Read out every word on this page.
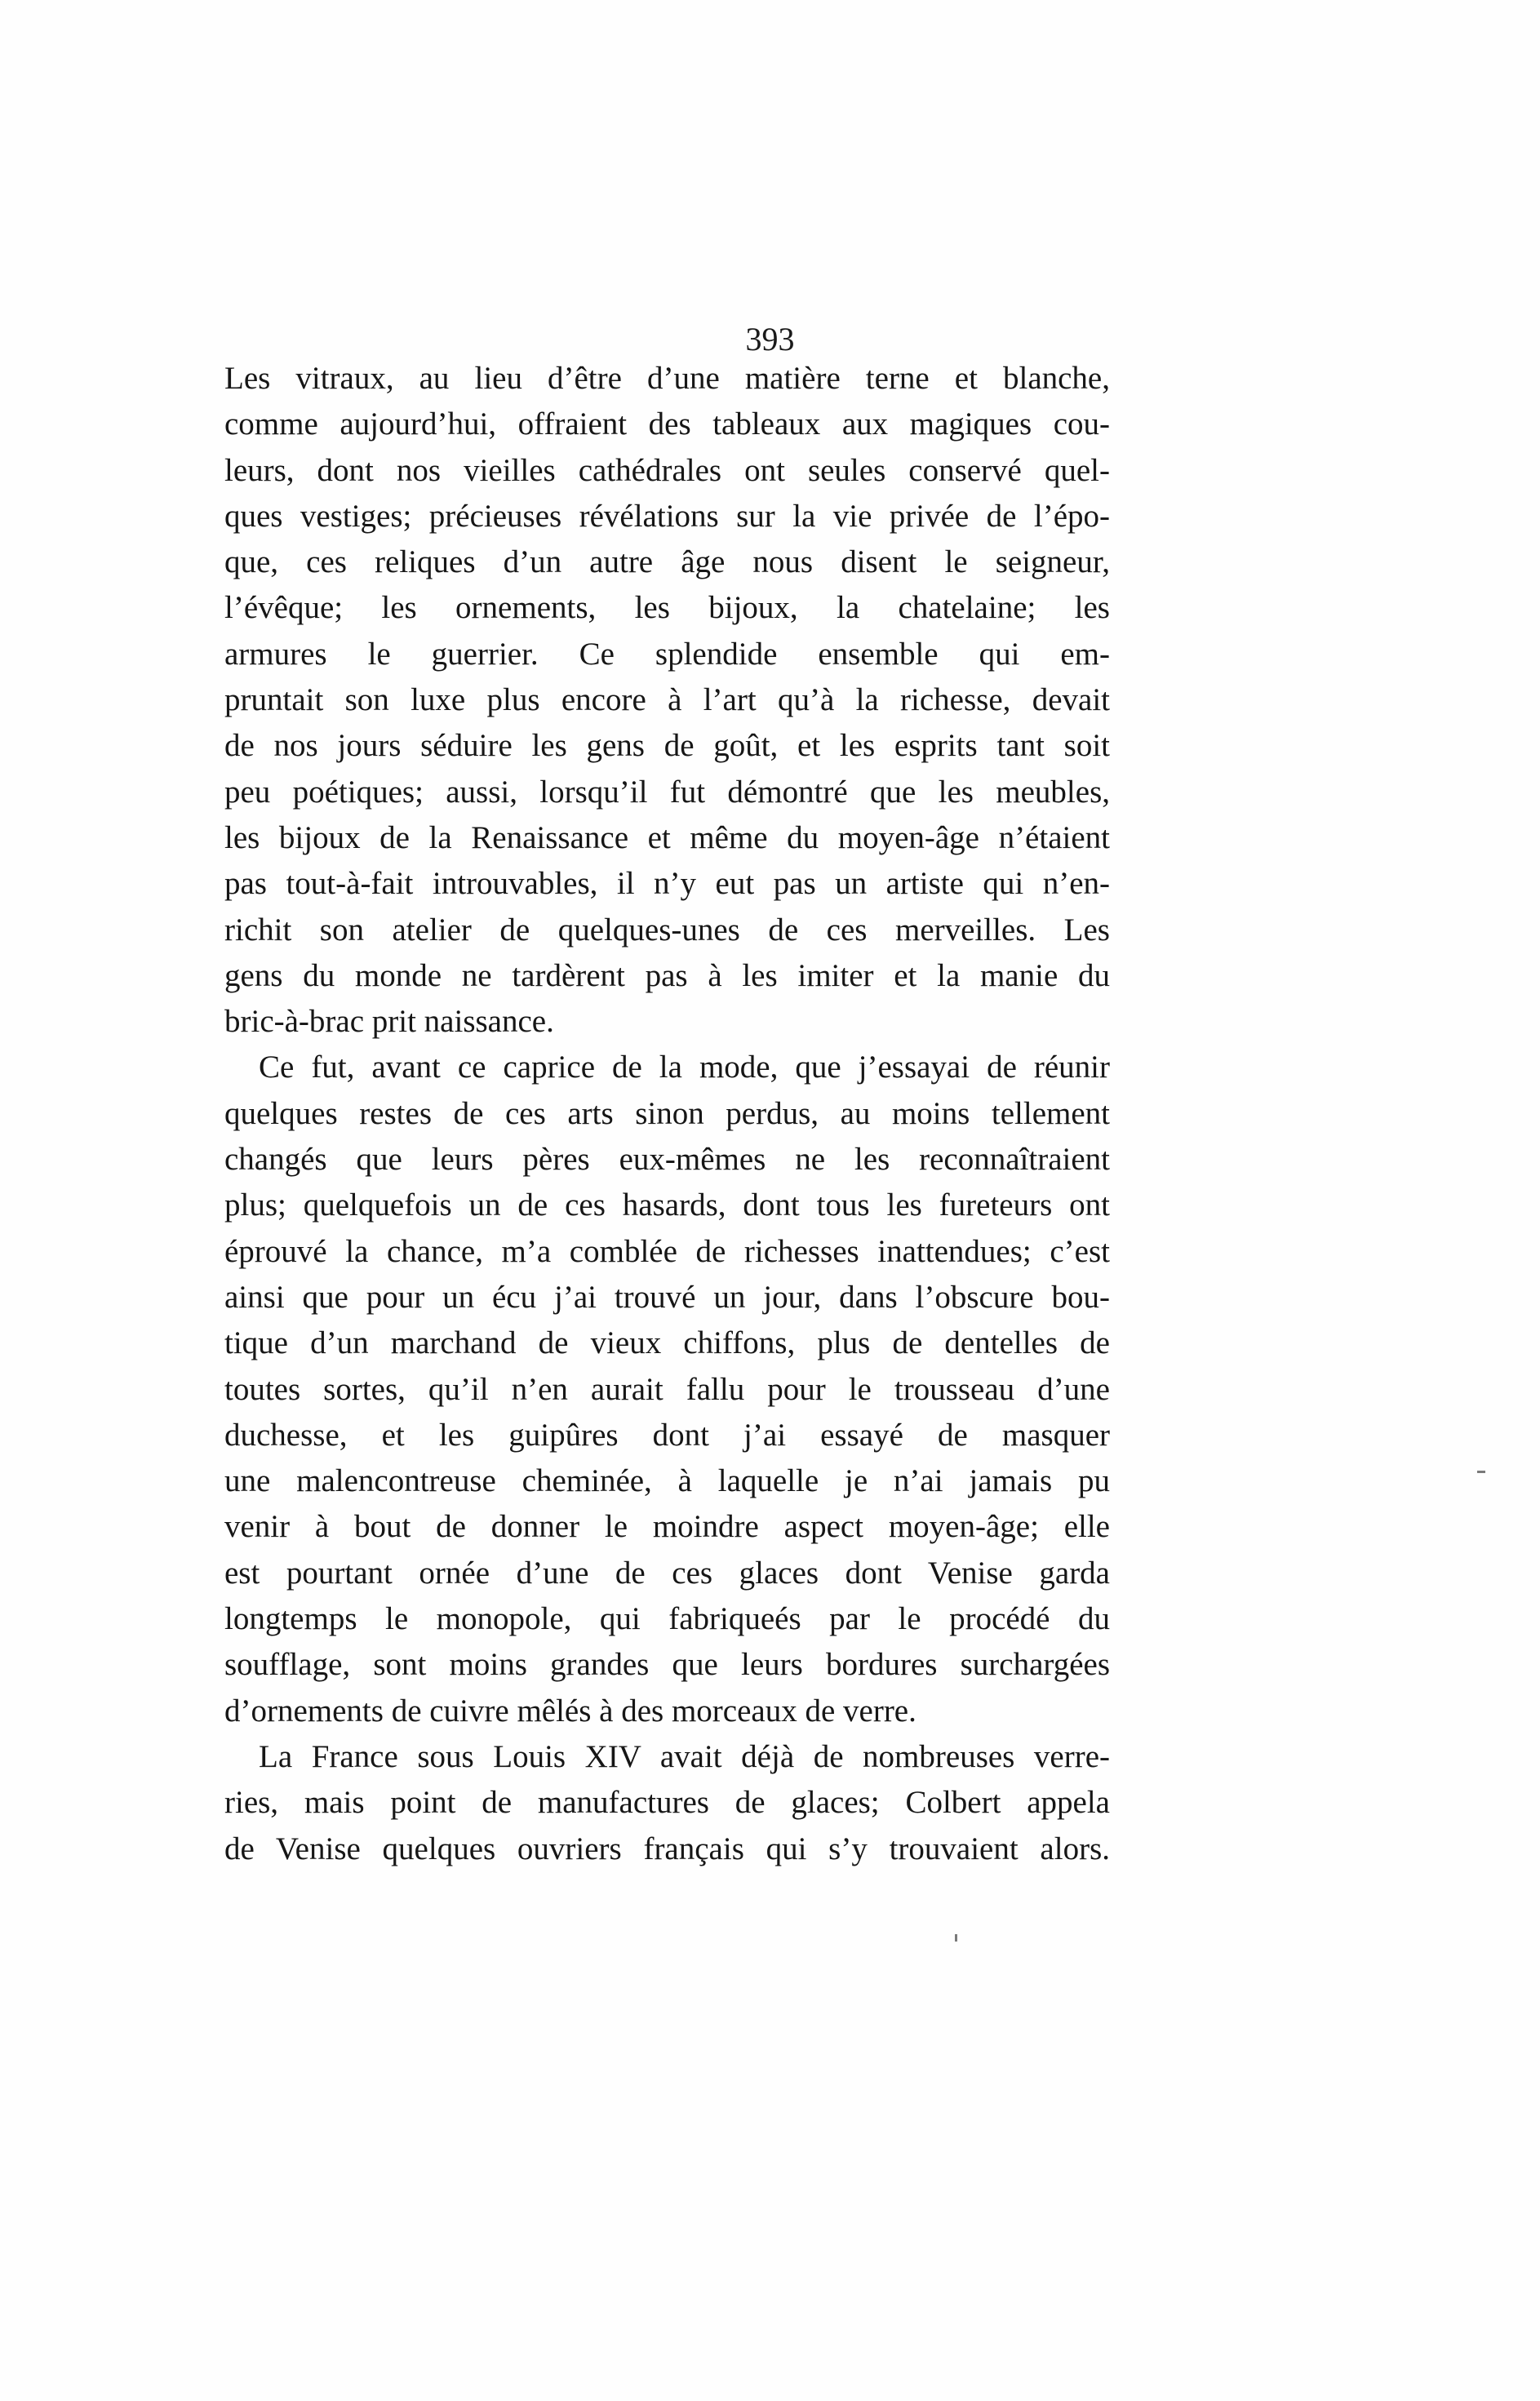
393

Les vitraux, au lieu d’être d’une matière terne et blanche,
comme aujourd’hui, offraient des tableaux aux magiques cou-
leurs, dont nos vieilles cathédrales ont seules conservé quel-
ques vestiges; précieuses révélations sur la vie privée de l’épo-
que, ces reliques d’un autre âge nous disent le seigneur,
l’évêque; les ornements, les bijoux, la chatelaine; les
armures le guerrier. Ce splendide ensemble qui em-
pruntait son luxe plus encore à l’art qu’à la richesse, devait
de nos jours séduire les gens de goût, et les esprits tant soit
peu poétiques; aussi, lorsqu’il fut démontré que les meubles,
les bijoux de la Renaissance et même du moyen-âge n’étaient
pas tout-à-fait introuvables, il n’y eut pas un artiste qui n’en-
richit son atelier de quelques-unes de ces merveilles. Les
gens du monde ne tardèrent pas à les imiter et la manie du
bric-à-brac prit naissance.

Ce fut, avant ce caprice de la mode, que j’essayai de réunir
quelques restes de ces arts sinon perdus, au moins tellement
changés que leurs pères eux-mêmes ne les reconnaîtraient
plus; quelquefois un de ces hasards, dont tous les fureteurs ont
éprouvé la chance, m’a comblée de richesses inattendues; c’est
ainsi que pour un écu j’ai trouvé un jour, dans l’obscure bou-
tique d’un marchand de vieux chiffons, plus de dentelles de
toutes sortes, qu’il n’en aurait fallu pour le trousseau d’une
duchesse, et les guipûres dont j’ai essayé de masquer
une malencontreuse cheminée, à laquelle je n’ai jamais pu
venir à bout de donner le moindre aspect moyen-âge; elle
est pourtant ornée d’une de ces glaces dont Venise garda
longtemps le monopole, qui fabriqueés par le procédé du
soufflage, sont moins grandes que leurs bordures surchargées
d’ornements de cuivre mêlés à des morceaux de verre.

La France sous Louis XIV avait déjà de nombreuses verre-
ries, mais point de manufactures de glaces; Colbert appela
de Venise quelques ouvriers français qui s’y trouvaient alors.
